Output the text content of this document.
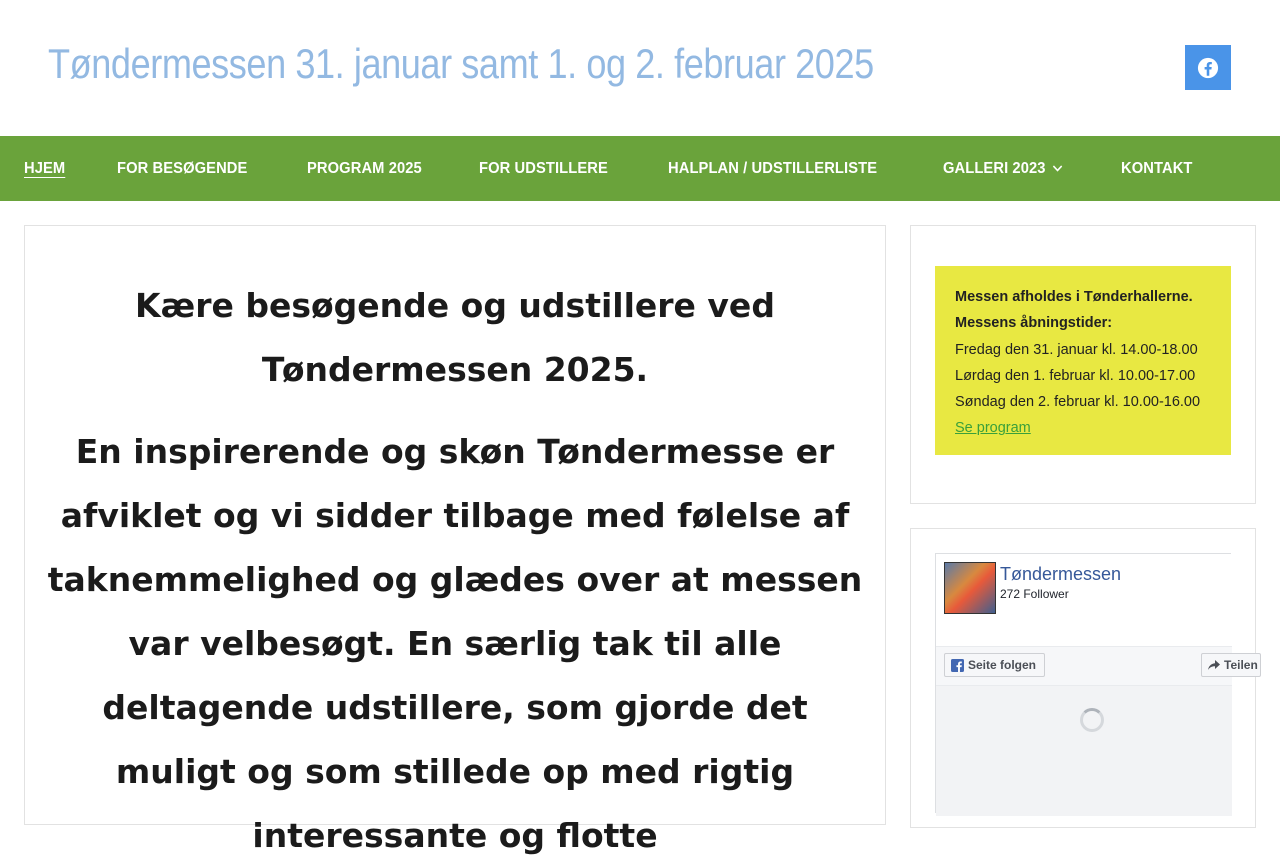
Tøndermessen 31. januar samt 1. og 2. februar 2025
HJEM	FOR BESØGENDE	PROGRAM 2025	FOR UDSTILLERE	HALPLAN / UDSTILLERLISTE	GALLERI 2023	KONTAKT
Kære besøgende og udstillere ved Tøndermessen 2025.
En inspirerende og skøn Tøndermesse er afviklet og vi sidder tilbage med følelse af taknemmelighed og glædes over at messen var velbesøgt. En særlig tak til alle deltagende udstillere, som gjorde det muligt og som stillede op med rigtig interessante og flotte
Messen afholdes i Tønderhallerne.
Messens åbningstider:
Fredag den 31. januar kl. 14.00-18.00
Lørdag den 1. februar kl. 10.00-17.00
Søndag den 2. februar kl. 10.00-16.00
Se program
Tøndermessen
272 Follower
Seite folgen	Teilen
